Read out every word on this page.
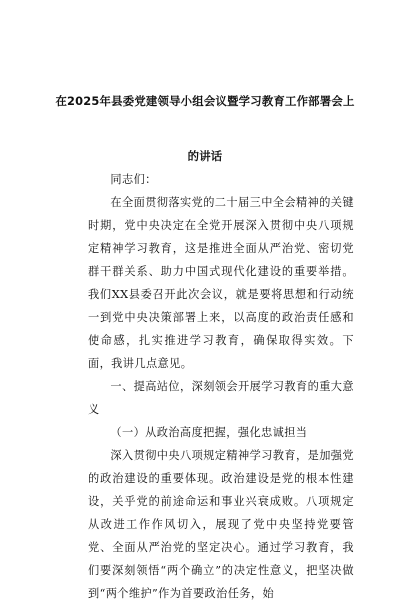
在2025年县委党建领导小组会议暨学习教育工作部署会上
的讲话

同志们：

在全面贯彻落实党的二十届三中全会精神的关键时期，党中央决定在全党开展深入贯彻中央八项规定精神学习教育，这是推进全面从严治党、密切党群干群关系、助力中国式现代化建设的重要举措。我们XX县委召开此次会议，就是要将思想和行动统一到党中央决策部署上来，以高度的政治责任感和使命感，扎实推进学习教育，确保取得实效。下面，我讲几点意见。

一、提高站位，深刻领会开展学习教育的重大意义

（一）从政治高度把握，强化忠诚担当

深入贯彻中央八项规定精神学习教育，是加强党的政治建设的重要体现。政治建设是党的根本性建设，关乎党的前途命运和事业兴衰成败。八项规定从改进工作作风切入，展现了党中央坚持党要管党、全面从严治党的坚定决心。通过学习教育，我们要深刻领悟“两个确立”的决定性意义，把坚决做到“两个维护”作为首要政治任务，始
